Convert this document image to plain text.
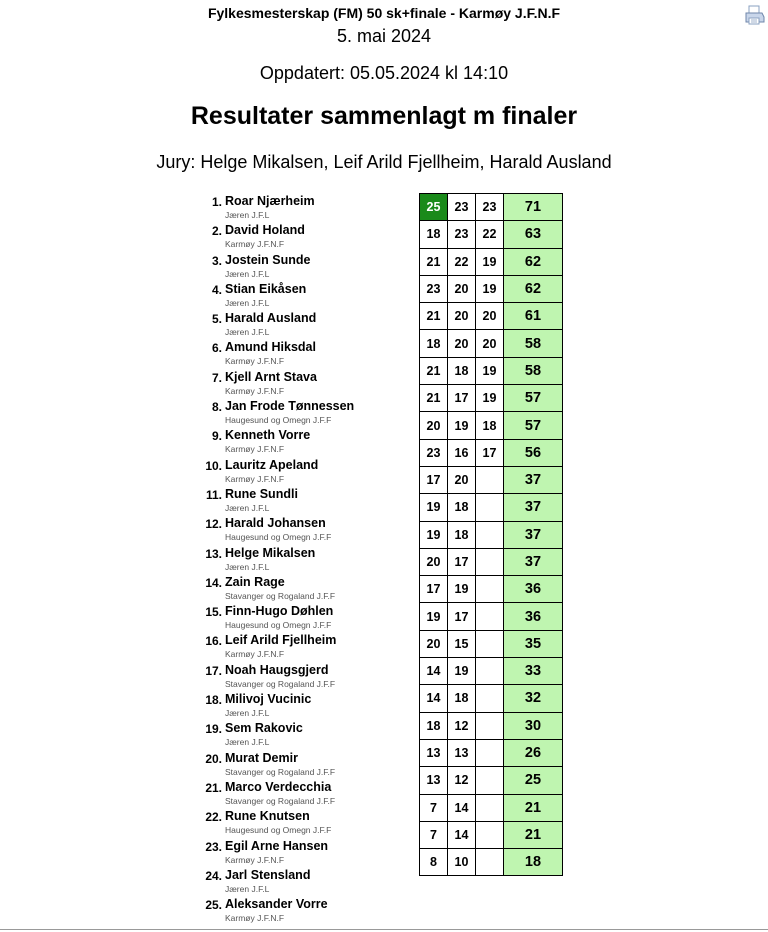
Fylkesmesterskap (FM) 50 sk+finale - Karmøy J.F.N.F
5. mai 2024
Oppdatert: 05.05.2024 kl 14:10
Resultater sammenlagt m finaler
Jury: Helge Mikalsen, Leif Arild Fjellheim, Harald Ausland
1. Roar Njærheim
Jæren J.F.L
2. David Holand
Karmøy J.F.N.F
3. Jostein Sunde
Jæren J.F.L
4. Stian Eikåsen
Jæren J.F.L
5. Harald Ausland
Jæren J.F.L
6. Amund Hiksdal
Karmøy J.F.N.F
7. Kjell Arnt Stava
Karmøy J.F.N.F
8. Jan Frode Tønnessen
Haugesund og Omegn J.F.F
9. Kenneth Vorre
Karmøy J.F.N.F
10. Lauritz Apeland
Karmøy J.F.N.F
11. Rune Sundli
Jæren J.F.L
12. Harald Johansen
Haugesund og Omegn J.F.F
13. Helge Mikalsen
Jæren J.F.L
14. Zain Rage
Stavanger og Rogaland J.F.F
15. Finn-Hugo Døhlen
Haugesund og Omegn J.F.F
16. Leif Arild Fjellheim
Karmøy J.F.N.F
17. Noah Haugsgjerd
Stavanger og Rogaland J.F.F
18. Milivoj Vucinic
Jæren J.F.L
19. Sem Rakovic
Jæren J.F.L
20. Murat Demir
Stavanger og Rogaland J.F.F
21. Marco Verdecchia
Stavanger og Rogaland J.F.F
22. Rune Knutsen
Haugesund og Omegn J.F.F
23. Egil Arne Hansen
Karmøy J.F.N.F
24. Jarl Stensland
Jæren J.F.L
25. Aleksander Vorre
Karmøy J.F.N.F
25	23	23	71
18	23	22	63
21	22	19	62
23	20	19	62
21	20	20	61
18	20	20	58
21	18	19	58
21	17	19	57
20	19	18	57
23	16	17	56
17	20		37
19	18		37
19	18		37
20	17		37
17	19		36
19	17		36
20	15		35
14	19		33
14	18		32
18	12		30
13	13		26
13	12		25
7	14		21
7	14		21
8	10		18
